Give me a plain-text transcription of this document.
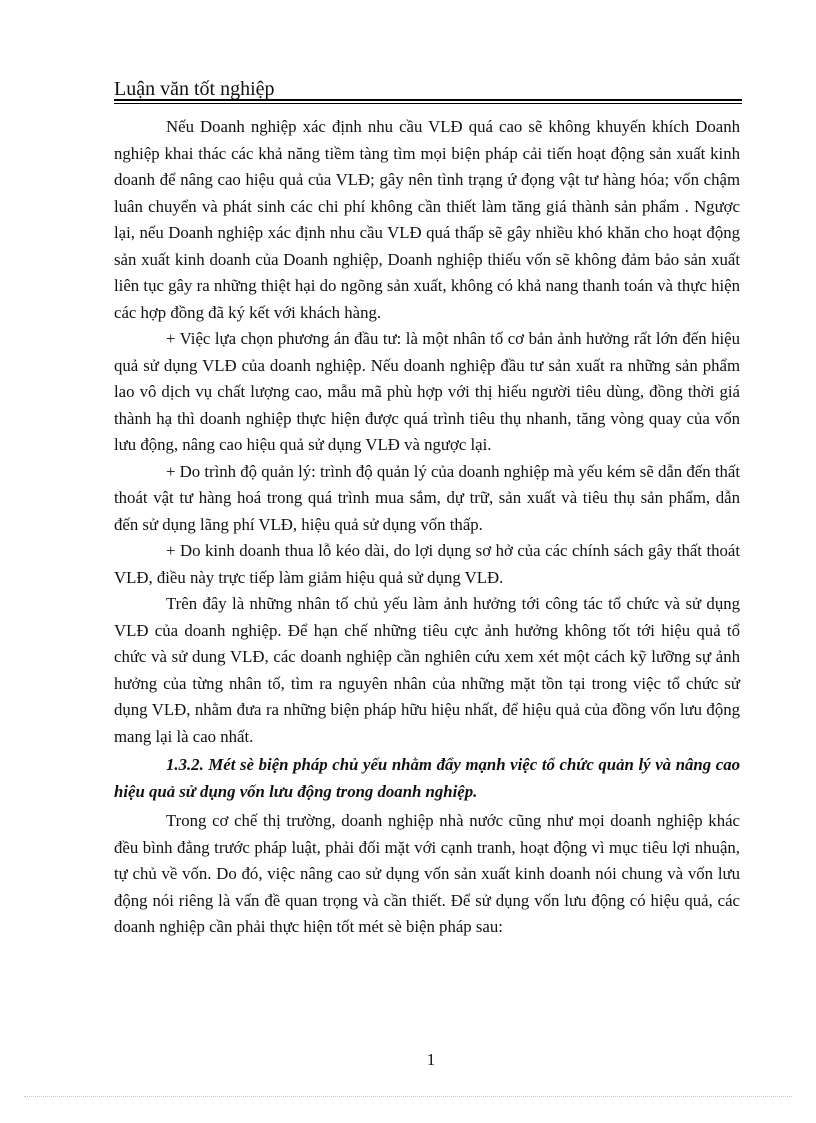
Luận văn tốt nghiệp

Nếu Doanh nghiệp xác định nhu cầu VLĐ quá cao sẽ không khuyến khích Doanh nghiệp khai thác các khả năng tiềm tàng tìm mọi biện pháp cải tiến hoạt động sản xuất kinh doanh để nâng cao hiệu quả của VLĐ; gây nên tình trạng ứ đọng vật tư hàng hóa; vốn chậm luân chuyển và phát sinh các chi phí không cần thiết làm tăng giá thành sản phẩm . Ngược lại, nếu Doanh nghiệp xác định nhu cầu VLĐ quá thấp sẽ gây nhiều khó khăn cho hoạt động sản xuất kinh doanh của Doanh nghiệp, Doanh nghiệp thiếu vốn sẽ không đảm bảo sản xuất liên tục gây ra những thiệt hại do ngõng sản xuất, không có khả nang thanh toán và thực hiện các hợp đồng đã ký kết với khách hàng.

+ Việc lựa chọn phương án đầu tư: là một nhân tố cơ bản ảnh hưởng rất lớn đến hiệu quả sử dụng VLĐ của doanh nghiệp. Nếu doanh nghiệp đầu tư sản xuất ra những sản phẩm lao vô dịch vụ chất lượng cao, mẫu mã phù hợp với thị hiếu người tiêu dùng, đồng thời giá thành hạ thì doanh nghiệp thực hiện được quá trình tiêu thụ nhanh, tăng vòng quay của vốn lưu động, nâng cao hiệu quả sử dụng VLĐ và ngược lại.

+ Do trình độ quản lý: trình độ quản lý của doanh nghiệp mà yếu kém sẽ dẫn đến thất thoát vật tư hàng hoá trong quá trình mua sắm, dự trữ, sản xuất và tiêu thụ sản phẩm, dẫn đến sử dụng lãng phí VLĐ, hiệu quả sử dụng vốn thấp.

+ Do kinh doanh thua lỗ kéo dài, do lợi dụng sơ hở của các chính sách gây thất thoát VLĐ, điều này trực tiếp làm giảm hiệu quả sử dụng VLĐ.

Trên đây là những nhân tố chủ yếu làm ảnh hưởng tới công tác tổ chức và sử dụng VLĐ của doanh nghiệp. Để hạn chế những tiêu cực ảnh hưởng không tốt tới hiệu quả tổ chức và sử dung VLĐ, các doanh nghiệp cần nghiên cứu xem xét một cách kỹ lưỡng sự ảnh hưởng của từng nhân tố, tìm ra nguyên nhân của những mặt tồn tại trong việc tổ chức sử dụng VLĐ, nhằm đưa ra những biện pháp hữu hiệu nhất, để hiệu quả của đồng vốn lưu động mang lại là cao nhất.

1.3.2. Mét sè biện pháp chủ yếu nhằm đẩy mạnh việc tổ chức quản lý và nâng cao hiệu quả sử dụng vốn lưu động trong doanh nghiệp.

Trong cơ chế thị trường, doanh nghiệp nhà nước cũng như mọi doanh nghiệp khác đều bình đẳng trước pháp luật, phải đối mặt với cạnh tranh, hoạt động vì mục tiêu lợi nhuận, tự chủ về vốn. Do đó, việc nâng cao sử dụng vốn sản xuất kinh doanh nói chung và vốn lưu động nói riêng là vấn đề quan trọng và cần thiết. Để sử dụng vốn lưu động có hiệu quả, các doanh nghiệp cần phải thực hiện tốt mét sè biện pháp sau:

1
